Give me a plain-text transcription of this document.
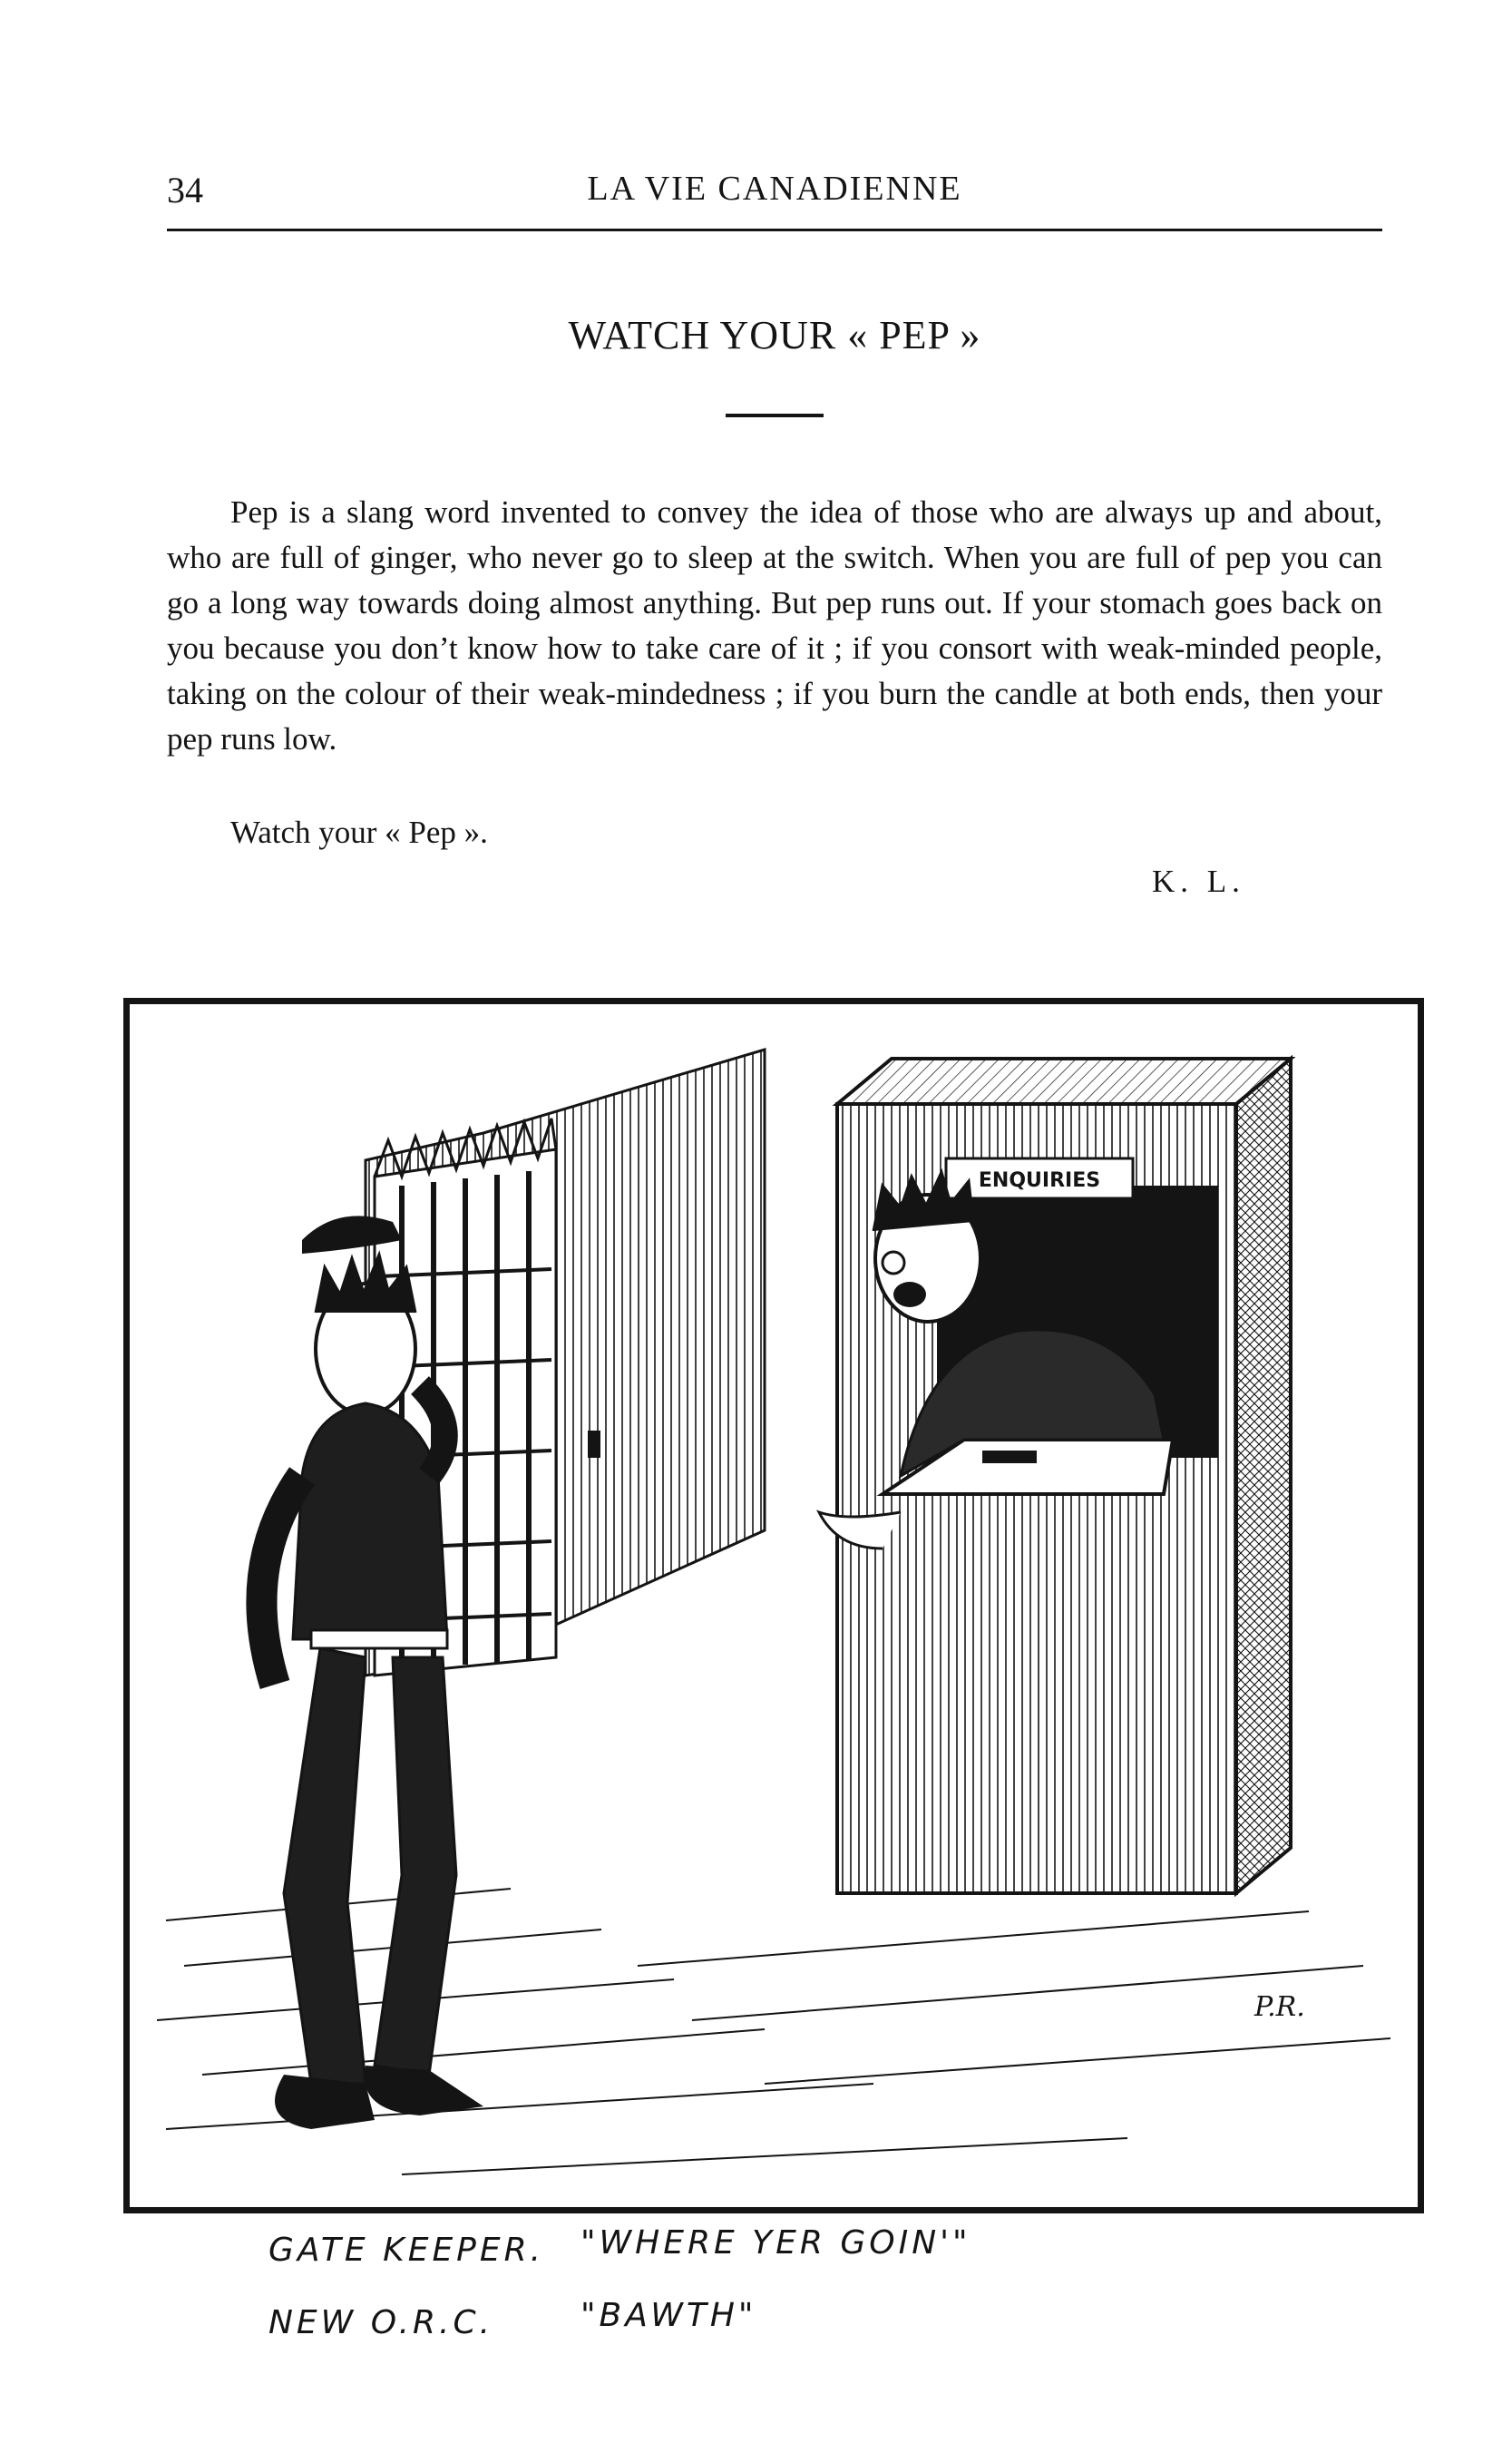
34	LA VIE CANADIENNE
WATCH YOUR « PEP »

Pep is a slang word invented to convey the idea of those who are always up and about, who are full of ginger, who never go to sleep at the switch. When you are full of pep you can go a long way towards doing almost anything. But pep runs out. If your stomach goes back on you because you don’t know how to take care of it ; if you consort with weak-minded people, taking on the colour of their weak-mindedness ; if you burn the candle at both ends, then your pep runs low.

Watch your « Pep ».
K. L.
ENQUIRIES
P.R.
GATE KEEPER. "WHERE YER GOIN'"
NEW O.R.C.	"BAWTH"
